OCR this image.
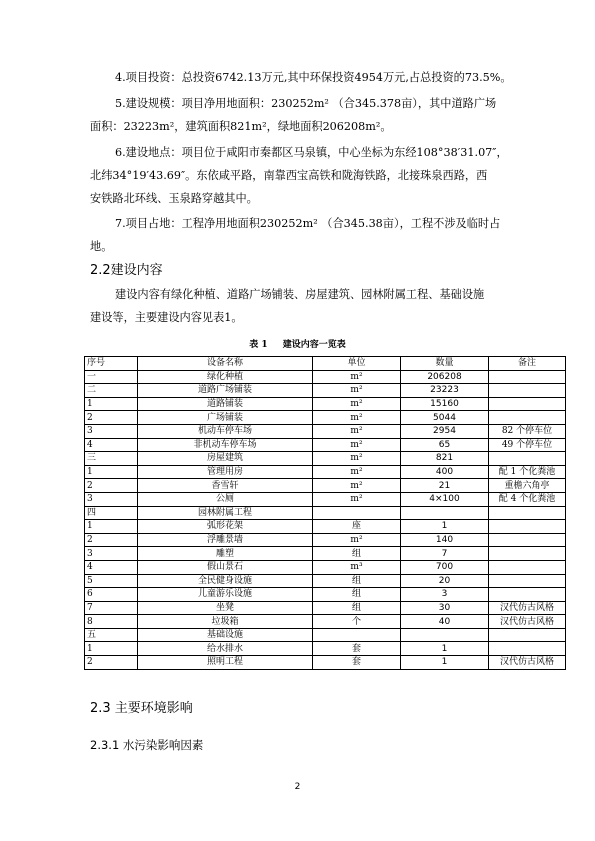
4.项目投资：总投资6742.13万元,其中环保投资4954万元,占总投资的73.5%。

5.建设规模：项目净用地面积：230252m² （合345.378亩），其中道路广场

面积：23223m²，建筑面积821m²，绿地面积206208m²。

6.建设地点：项目位于咸阳市秦都区马泉镇，中心坐标为东经108°38′31.07″，

北纬34°19′43.69″。东依咸平路，南靠西宝高铁和陇海铁路，北接珠泉西路，西

安铁路北环线、玉泉路穿越其中。

7.项目占地：工程净用地面积230252m² （合345.38亩），工程不涉及临时占

地。

2.2建设内容

建设内容有绿化种植、道路广场铺装、房屋建筑、园林附属工程、基础设施

建设等，主要建设内容见表1。

表 1 建设内容一览表

序号	设备名称	单位	数量	备注
一	绿化种植	m²	206208	
二	道路广场铺装	m²	23223	
1	道路铺装	m²	15160	
2	广场铺装	m²	5044	
3	机动车停车场	m²	2954	82 个停车位
4	非机动车停车场	m²	65	49 个停车位
三	房屋建筑	m²	821	
1	管理用房	m²	400	配 1 个化粪池
2	香雪轩	m²	21	重檐六角亭
3	公厕	m²	4×100	配 4 个化粪池
四	园林附属工程			
1	弧形花架	座	1	
2	浮雕景墙	m²	140	
3	雕塑	组	7	
4	假山景石	m³	700	
5	全民健身设施	组	20	
6	儿童游乐设施	组	3	
7	坐凳	组	30	汉代仿古风格
8	垃圾箱	个	40	汉代仿古风格
五	基础设施			
1	给水排水	套	1	
2	照明工程	套	1	汉代仿古风格

2.3 主要环境影响

2.3.1 水污染影响因素

2
